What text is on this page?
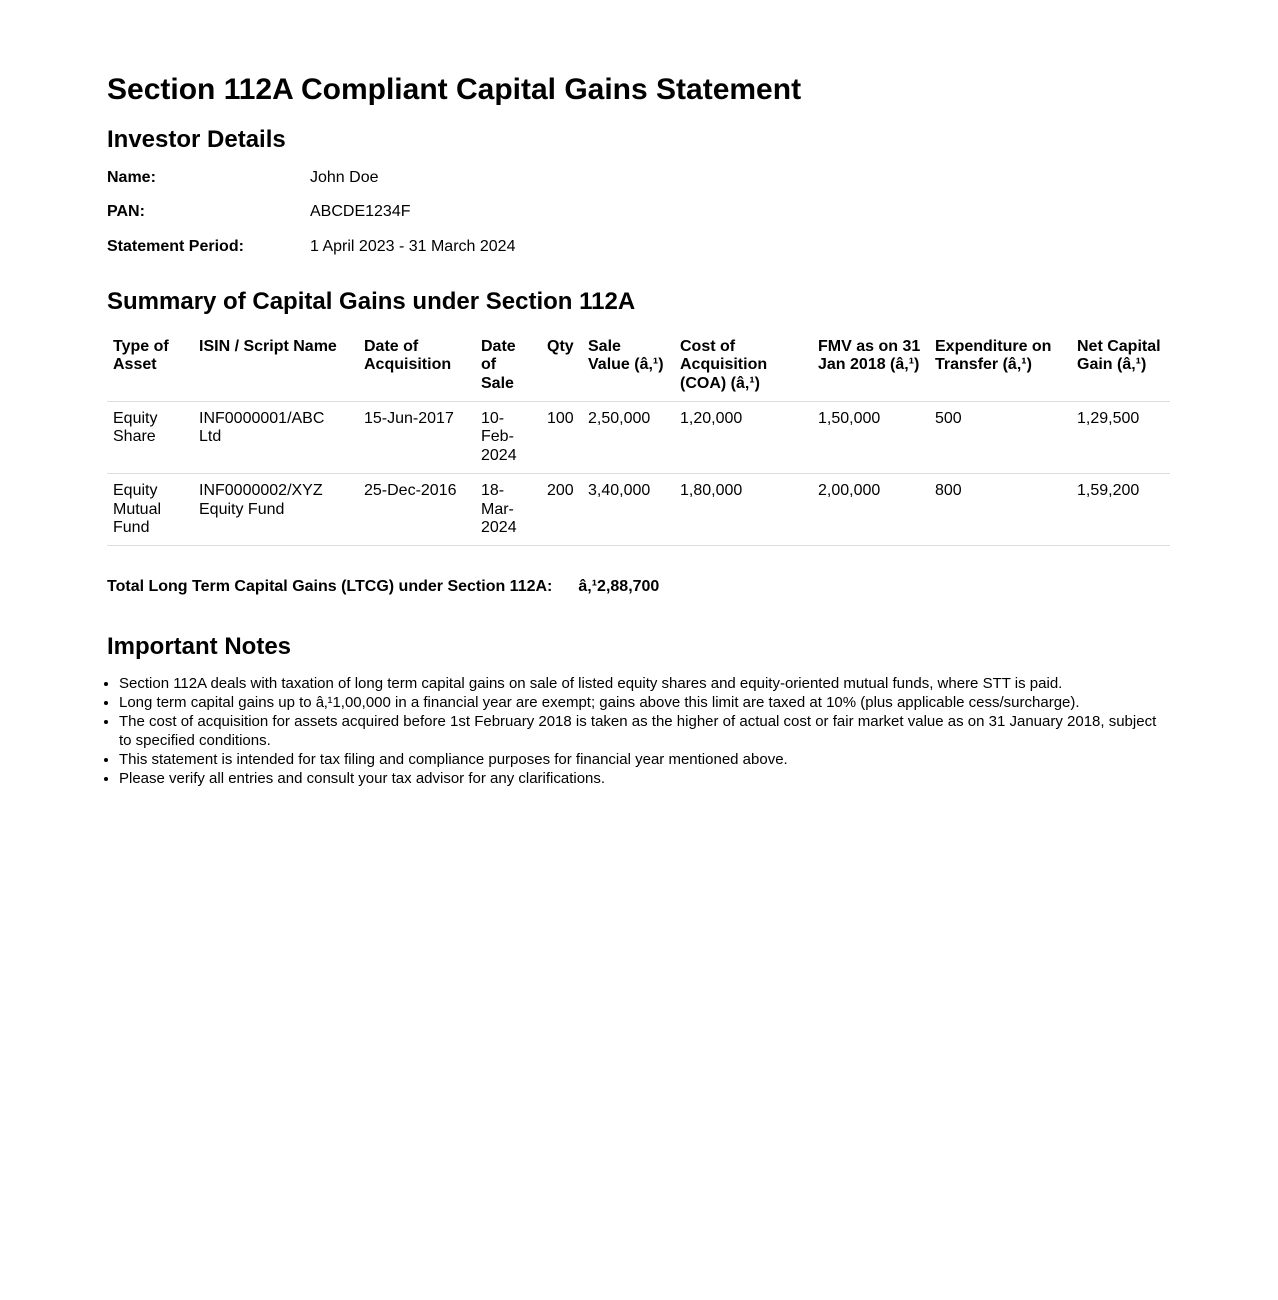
Section 112A Compliant Capital Gains Statement
Investor Details
Name:	John Doe
PAN:	ABCDE1234F
Statement Period:	1 April 2023 - 31 March 2024
Summary of Capital Gains under Section 112A
Type of Asset	ISIN / Script Name	Date of Acquisition	Date of Sale	Qty	Sale Value (â‚¹)	Cost of Acquisition (COA) (â‚¹)	FMV as on 31 Jan 2018 (â‚¹)	Expenditure on Transfer (â‚¹)	Net Capital Gain (â‚¹)
Equity Share	INF0000001/ABC Ltd	15-Jun-2017	10-Feb-2024	100	2,50,000	1,20,000	1,50,000	500	1,29,500
Equity Mutual Fund	INF0000002/XYZ Equity Fund	25-Dec-2016	18-Mar-2024	200	3,40,000	1,80,000	2,00,000	800	1,59,200

Total Long Term Capital Gains (LTCG) under Section 112A: â‚¹2,88,700

Important Notes
• Section 112A deals with taxation of long term capital gains on sale of listed equity shares and equity-oriented mutual funds, where STT is paid.
• Long term capital gains up to â‚¹1,00,000 in a financial year are exempt; gains above this limit are taxed at 10% (plus applicable cess/surcharge).
• The cost of acquisition for assets acquired before 1st February 2018 is taken as the higher of actual cost or fair market value as on 31 January 2018, subject to specified conditions.
• This statement is intended for tax filing and compliance purposes for financial year mentioned above.
• Please verify all entries and consult your tax advisor for any clarifications.
